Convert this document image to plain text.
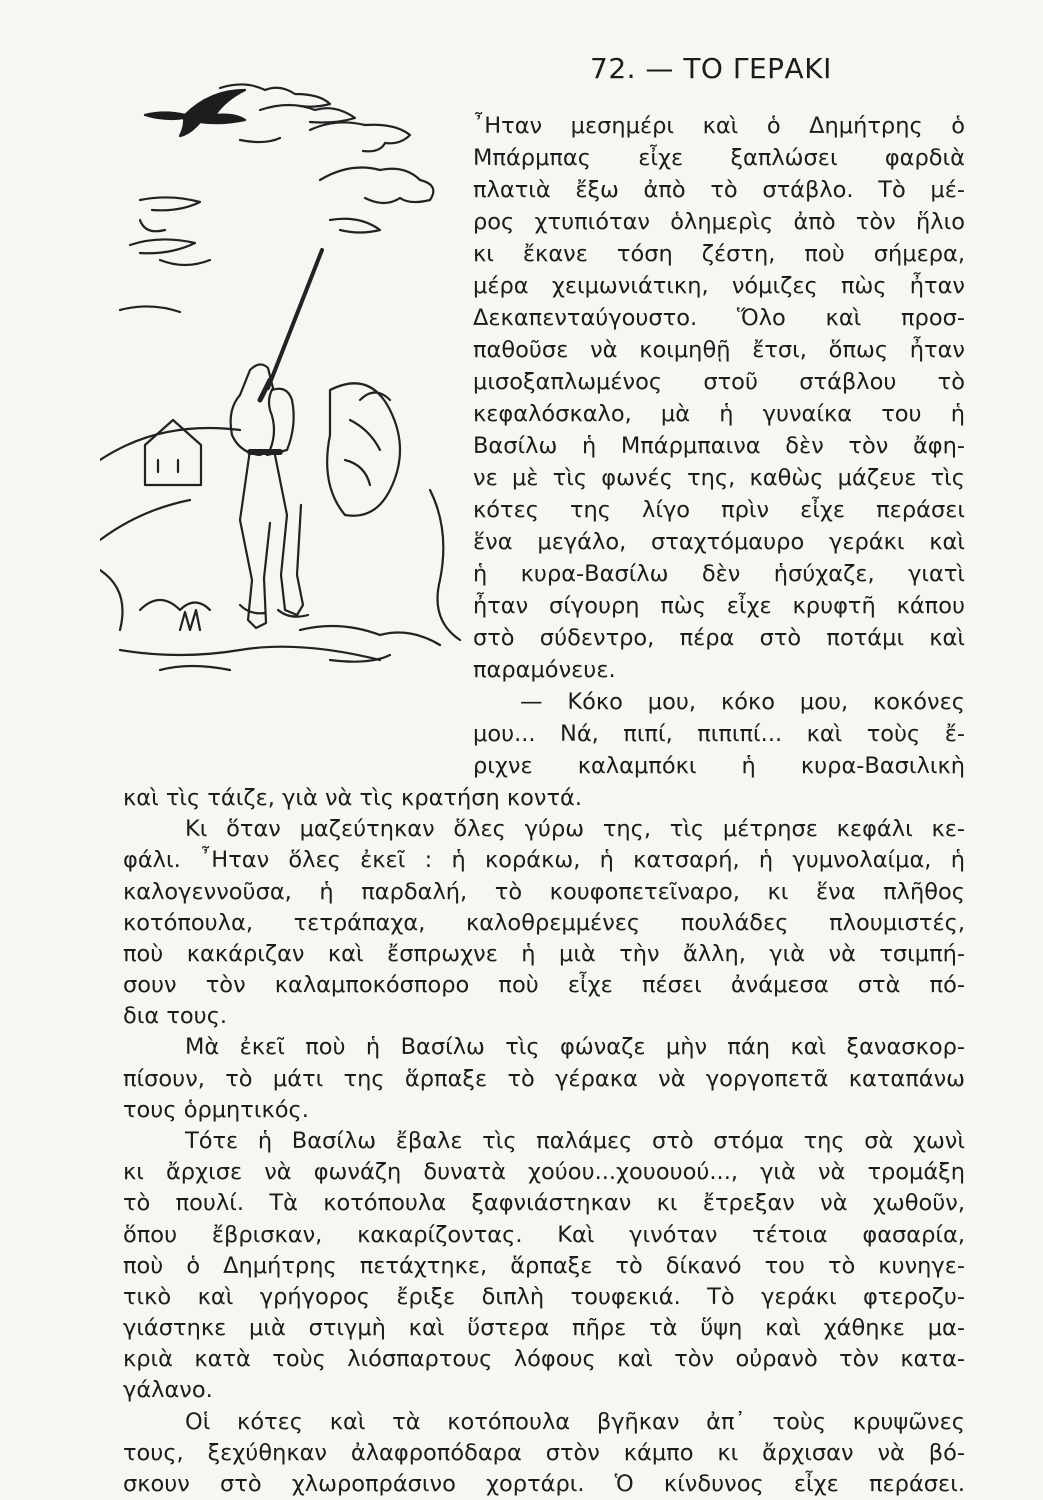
72. — ΤΟ ΓΕΡΑΚΙ
῏Ηταν μεσημέρι καὶ ὁ Δημήτρης ὁ
Μπάρμπας εἶχε ξαπλώσει φαρδιὰ
πλατιὰ ἔξω ἀπὸ τὸ στάβλο. Τὸ μέ-
ρος χτυπιόταν ὁλημερὶς ἀπὸ τὸν ἥλιο
κι ἔκανε τόση ζέστη, ποὺ σήμερα,
μέρα χειμωνιάτικη, νόμιζες πὼς ἦταν
Δεκαπενταύγουστο. Ὅλο καὶ προσ-
παθοῦσε νὰ κοιμηθῇ ἔτσι, ὅπως ἦταν
μισοξαπλωμένος στοῦ στάβλου τὸ
κεφαλόσκαλο, μὰ ἡ γυναίκα του ἡ
Βασίλω ἡ Μπάρμπαινα δὲν τὸν ἄφη-
νε μὲ τὶς φωνές της, καθὼς μάζευε τὶς
κότες της λίγο πρὶν εἶχε περάσει
ἕνα μεγάλο, σταχτόμαυρο γεράκι καὶ
ἡ κυρα-Βασίλω δὲν ἡσύχαζε, γιατὶ
ἦταν σίγουρη πὼς εἶχε κρυφτῆ κάπου
στὸ σύδεντρο, πέρα στὸ ποτάμι καὶ
παραμόνευε.
— Κόκο μου, κόκο μου, κοκόνες
μου... Νά, πιπί, πιπιπί... καὶ τοὺς ἔ-
ριχνε καλαμπόκι ἡ κυρα-Βασιλικὴ
καὶ τὶς τάιζε, γιὰ νὰ τὶς κρατήση κοντά.
Κι ὅταν μαζεύτηκαν ὅλες γύρω της, τὶς μέτρησε κεφάλι κε-
φάλι. ῏Ηταν ὅλες ἐκεῖ : ἡ κοράκω, ἡ κατσαρή, ἡ γυμνολαίμα, ἡ
καλογεννοῦσα, ἡ παρδαλή, τὸ κουφοπετεῖναρο, κι ἕνα πλῆθος
κοτόπουλα, τετράπαχα, καλοθρεμμένες πουλάδες πλουμιστές,
ποὺ κακάριζαν καὶ ἔσπρωχνε ἡ μιὰ τὴν ἄλλη, γιὰ νὰ τσιμπή-
σουν τὸν καλαμποκόσπορο ποὺ εἶχε πέσει ἀνάμεσα στὰ πό-
δια τους.
Μὰ ἐκεῖ ποὺ ἡ Βασίλω τὶς φώναζε μὴν πάη καὶ ξανασκορ-
πίσουν, τὸ μάτι της ἅρπαξε τὸ γέρακα νὰ γοργοπετᾶ καταπάνω
τους ὁρμητικός.
Τότε ἡ Βασίλω ἔβαλε τὶς παλάμες στὸ στόμα της σὰ χωνὶ
κι ἄρχισε νὰ φωνάζη δυνατὰ χούου...χουουού..., γιὰ νὰ τρομάξη
τὸ πουλί. Τὰ κοτόπουλα ξαφνιάστηκαν κι ἔτρεξαν νὰ χωθοῦν,
ὅπου ἔβρισκαν, κακαρίζοντας. Καὶ γινόταν τέτοια φασαρία,
ποὺ ὁ Δημήτρης πετάχτηκε, ἅρπαξε τὸ δίκανό του τὸ κυνηγε-
τικὸ καὶ γρήγορος ἔριξε διπλὴ τουφεκιά. Τὸ γεράκι φτεροζυ-
γιάστηκε μιὰ στιγμὴ καὶ ὕστερα πῆρε τὰ ὕψη καὶ χάθηκε μα-
κριὰ κατὰ τοὺς λιόσπαρτους λόφους καὶ τὸν οὐρανὸ τὸν κατα-
γάλανο.
Οἱ κότες καὶ τὰ κοτόπουλα βγῆκαν ἀπ᾿ τοὺς κρυψῶνες
τους, ξεχύθηκαν ἀλαφροπόδαρα στὸν κάμπο κι ἄρχισαν νὰ βό-
σκουν στὸ χλωροπράσινο χορτάρι. Ὁ κίνδυνος εἶχε περάσει.
